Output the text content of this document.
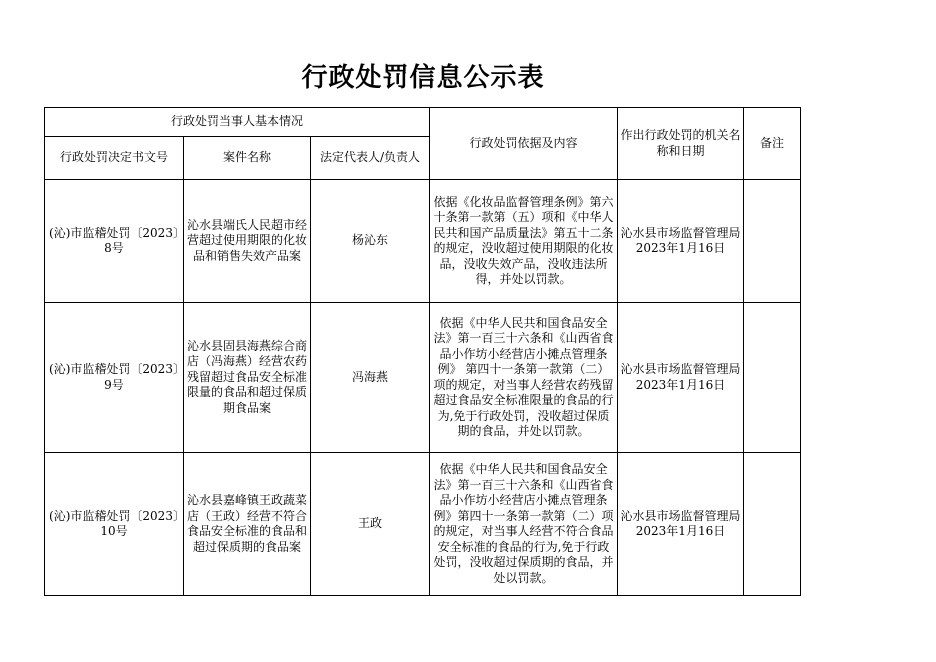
行政处罚信息公示表
行政处罚当事人基本情况			行政处罚依据及内容	作出行政处罚的机关名称和日期	备注
行政处罚决定书文号	案件名称	法定代表人/负责人			

(沁)市监稽处罚〔2023〕8号	沁水县端氏人民超市经营超过使用期限的化妆品和销售失效产品案	杨沁东	依据《化妆品监督管理条例》第六十条第一款第（五）项和《中华人民共和国产品质量法》第五十二条的规定，没收超过使用期限的化妆品，没收失效产品，没收违法所得，并处以罚款。	沁水县市场监督管理局2023年1月16日	

(沁)市监稽处罚〔2023〕9号	沁水县固县海燕综合商店（冯海燕）经营农药残留超过食品安全标准限量的食品和超过保质期食品案	冯海燕	依据《中华人民共和国食品安全法》第一百三十六条和《山西省食品小作坊小经营店小摊点管理条例》 第四十一条第一款第（二）项的规定，对当事人经营农药残留超过食品安全标准限量的食品的行为,免于行政处罚，没收超过保质期的食品，并处以罚款。	沁水县市场监督管理局2023年1月16日	

(沁)市监稽处罚〔2023〕10号	沁水县嘉峰镇王政蔬菜店（王政）经营不符合食品安全标准的食品和超过保质期的食品案	王政	依据《中华人民共和国食品安全法》第一百三十六条和《山西省食品小作坊小经营店小摊点管理条例》第四十一条第一款第（二）项的规定，对当事人经营不符合食品安全标准的食品的行为,免于行政处罚，没收超过保质期的食品，并处以罚款。	沁水县市场监督管理局2023年1月16日	
